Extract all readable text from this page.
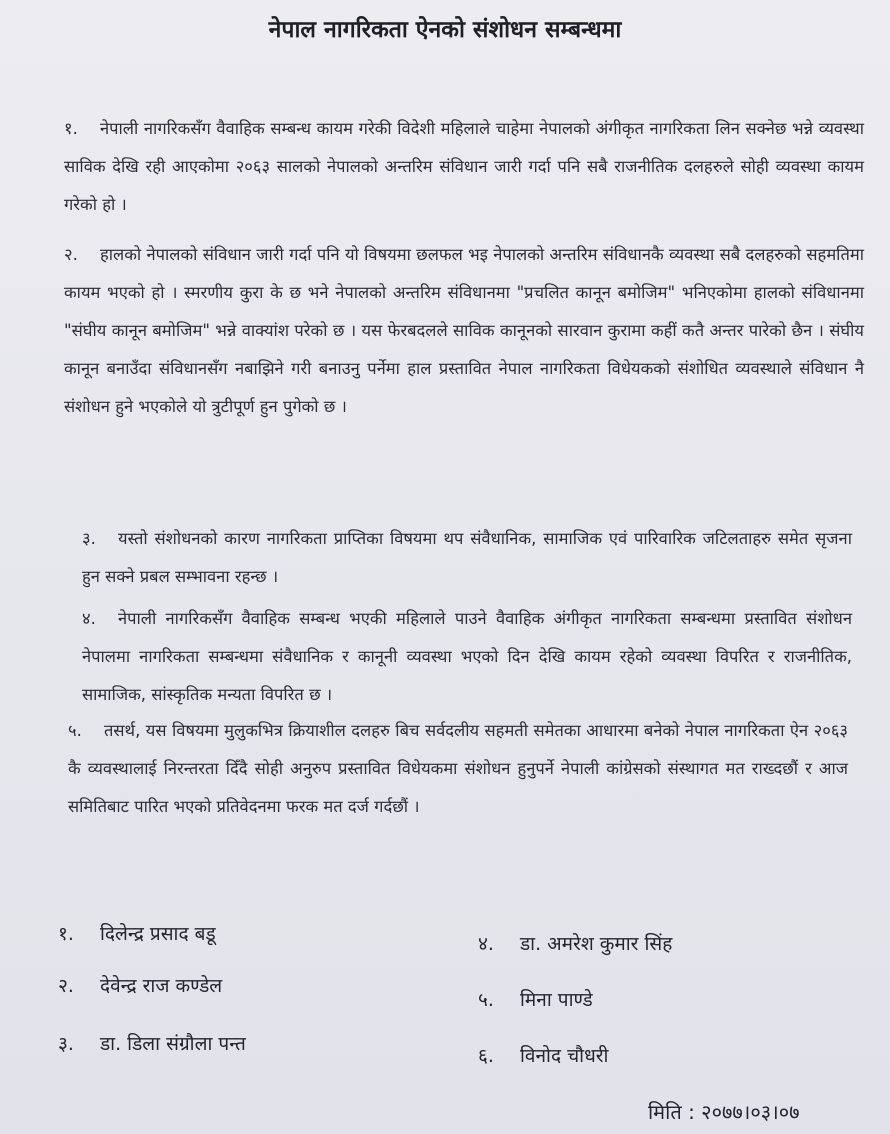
नेपाल नागरिकता ऐनको संशोधन सम्बन्धमा
१. नेपाली नागरिकसँग वैवाहिक सम्बन्ध कायम गरेकी विदेशी महिलाले चाहेमा नेपालको अंगीकृत नागरिकता लिन सक्नेछ भन्ने व्यवस्था साविक देखि रही आएकोमा २०६३ सालको नेपालको अन्तरिम संविधान जारी गर्दा पनि सबै राजनीतिक दलहरुले सोही व्यवस्था कायम गरेको हो ।
२. हालको नेपालको संविधान जारी गर्दा पनि यो विषयमा छलफल भइ नेपालको अन्तरिम संविधानकै व्यवस्था सबै दलहरुको सहमतिमा कायम भएको हो । स्मरणीय कुरा के छ भने नेपालको अन्तरिम संविधानमा "प्रचलित कानून बमोजिम" भनिएकोमा हालको संविधानमा "संघीय कानून बमोजिम" भन्ने वाक्यांश परेको छ । यस फेरबदलले साविक कानूनको सारवान कुरामा कहीं कतै अन्तर पारेको छैन । संघीय कानून बनाउँदा संविधानसँग नबाझिने गरी बनाउनु पर्नेमा हाल प्रस्तावित नेपाल नागरिकता विधेयकको संशोधित व्यवस्थाले संविधान नै संशोधन हुने भएकोले यो त्रुटीपूर्ण हुन पुगेको छ ।
३. यस्तो संशोधनको कारण नागरिकता प्राप्तिका विषयमा थप संवैधानिक, सामाजिक एवं पारिवारिक जटिलताहरु समेत सृजना हुन सक्ने प्रबल सम्भावना रहन्छ ।
४. नेपाली नागरिकसँग वैवाहिक सम्बन्ध भएकी महिलाले पाउने वैवाहिक अंगीकृत नागरिकता सम्बन्धमा प्रस्तावित संशोधन नेपालमा नागरिकता सम्बन्धमा संवैधानिक र कानूनी व्यवस्था भएको दिन देखि कायम रहेको व्यवस्था विपरित र राजनीतिक, सामाजिक, सांस्कृतिक मन्यता विपरित छ ।
५. तसर्थ, यस विषयमा मुलुकभित्र क्रियाशील दलहरु बिच सर्वदलीय सहमती समेतका आधारमा बनेको नेपाल नागरिकता ऐन २०६३ कै व्यवस्थालाई निरन्तरता दिँदै सोही अनुरुप प्रस्तावित विधेयकमा संशोधन हुनुपर्ने नेपाली कांग्रेसको संस्थागत मत राख्दछौं र आज समितिबाट पारित भएको प्रतिवेदनमा फरक मत दर्ज गर्दछौं ।
१. दिलेन्द्र प्रसाद बडू
२. देवेन्द्र राज कण्डेल
३. डा. डिला संग्रौला पन्त
४. डा. अमरेश कुमार सिंह
५. मिना पाण्डे
६. विनोद चौधरी
मिति : २०७७।०३।०७
